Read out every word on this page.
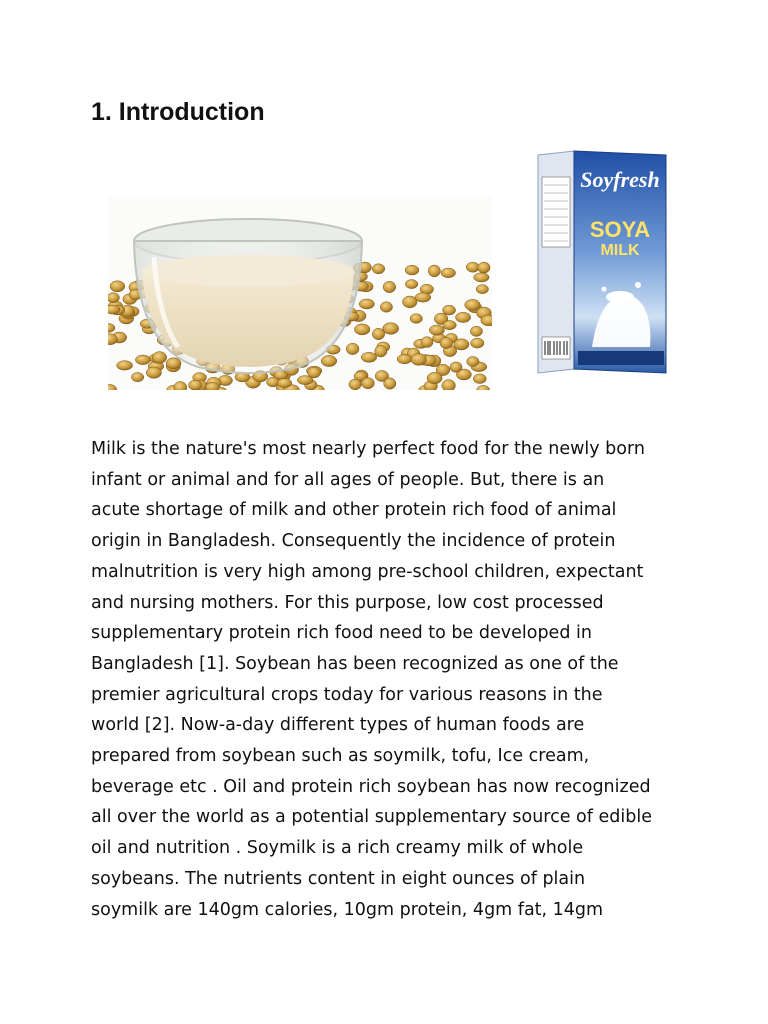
1. Introduction
Soyfresh
SOYA
MILK

Milk is the nature's most nearly perfect food for the newly born
infant or animal and for all ages of people. But, there is an
acute shortage of milk and other protein rich food of animal
origin in Bangladesh. Consequently the incidence of protein
malnutrition is very high among pre-school children, expectant
and nursing mothers. For this purpose, low cost processed
supplementary protein rich food need to be developed in
Bangladesh [1]. Soybean has been recognized as one of the
premier agricultural crops today for various reasons in the
world [2]. Now-a-day different types of human foods are
prepared from soybean such as soymilk, tofu, Ice cream,
beverage etc . Oil and protein rich soybean has now recognized
all over the world as a potential supplementary source of edible
oil and nutrition . Soymilk is a rich creamy milk of whole
soybeans. The nutrients content in eight ounces of plain
soymilk are 140gm calories, 10gm protein, 4gm fat, 14gm
